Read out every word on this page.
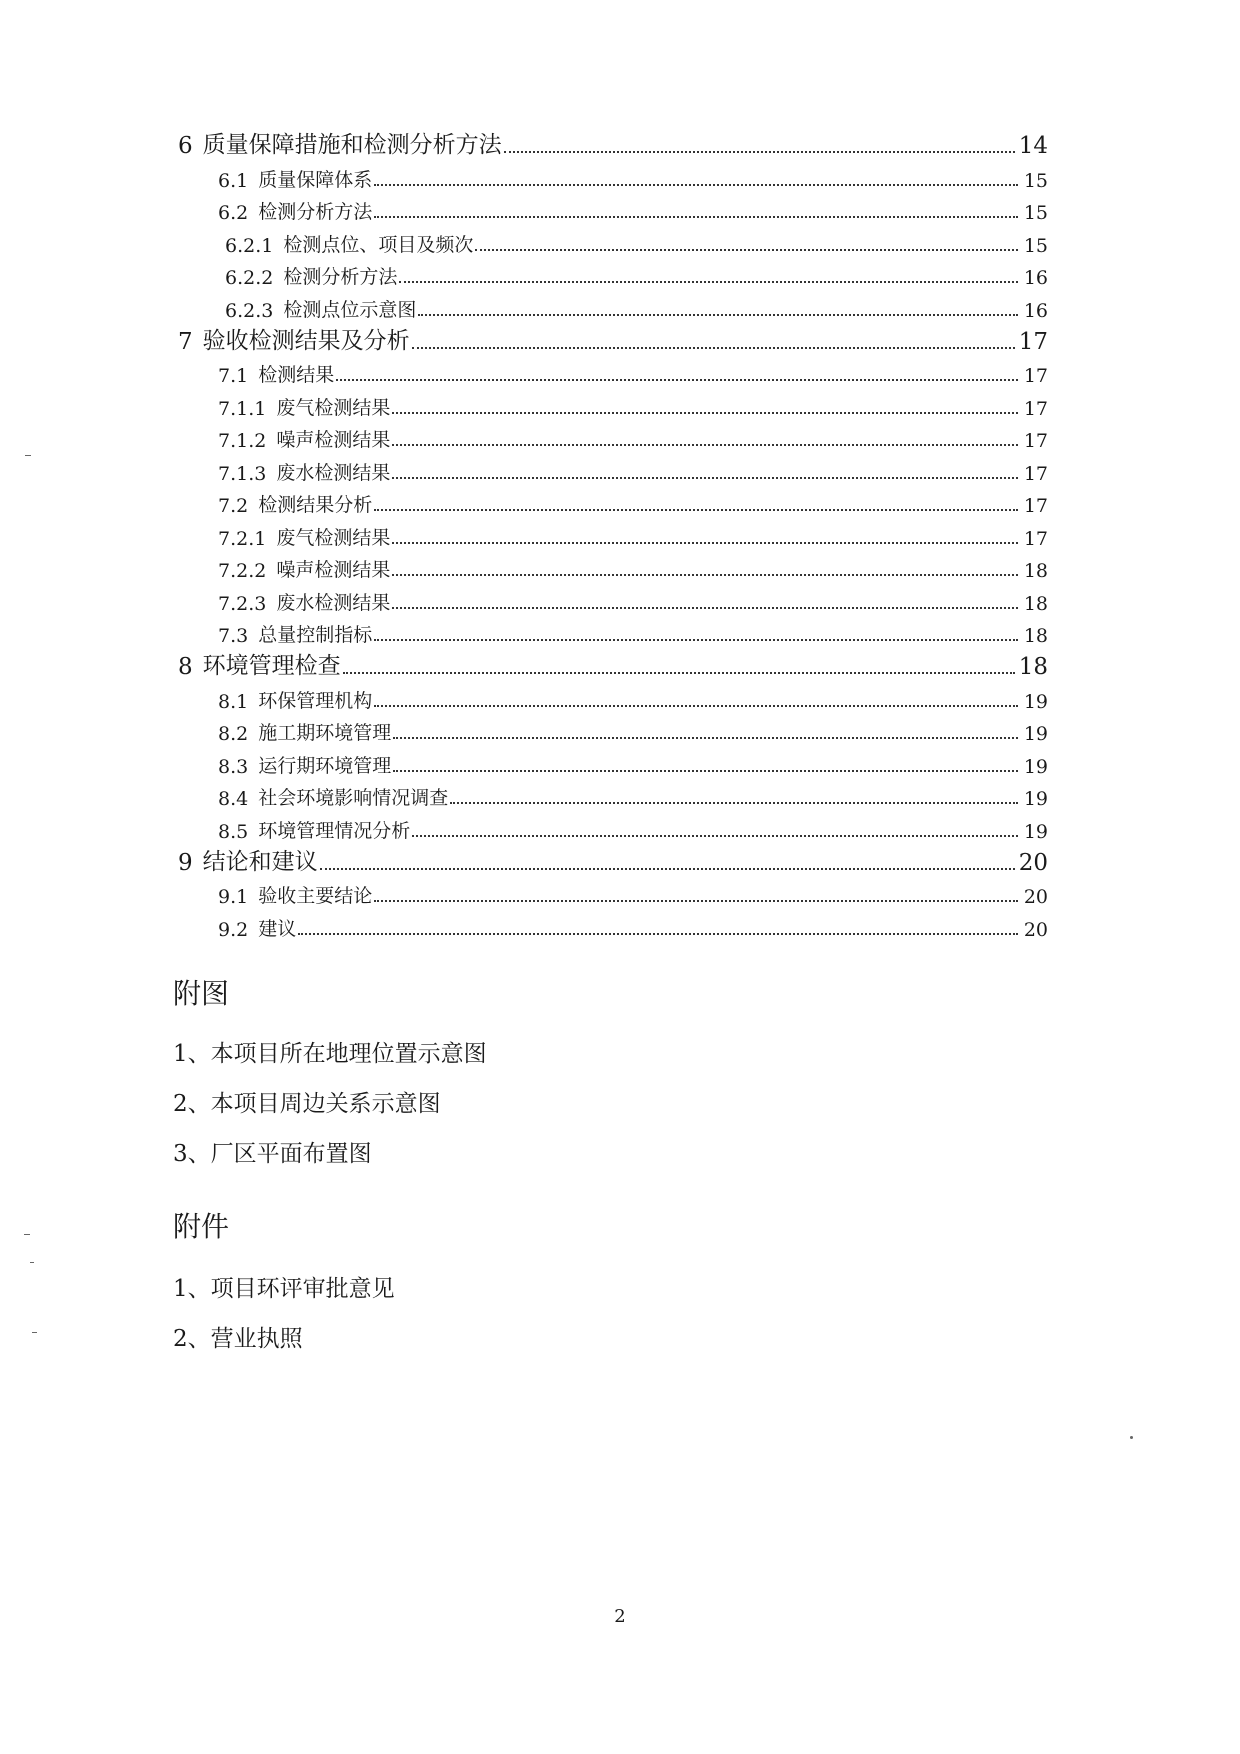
6 质量保障措施和检测分析方法	14
6.1 质量保障体系	15
6.2 检测分析方法	15
6.2.1 检测点位、项目及频次	15
6.2.2 检测分析方法	16
6.2.3 检测点位示意图	16
7 验收检测结果及分析	17
7.1 检测结果	17
7.1.1 废气检测结果	17
7.1.2 噪声检测结果	17
7.1.3 废水检测结果	17
7.2 检测结果分析	17
7.2.1 废气检测结果	17
7.2.2 噪声检测结果	18
7.2.3 废水检测结果	18
7.3 总量控制指标	18
8 环境管理检查	18
8.1 环保管理机构	19
8.2 施工期环境管理	19
8.3 运行期环境管理	19
8.4 社会环境影响情况调查	19
8.5 环境管理情况分析	19
9 结论和建议	20
9.1 验收主要结论	20
9.2 建议	20
附图
1、本项目所在地理位置示意图
2、本项目周边关系示意图
3、厂区平面布置图
附件
1、项目环评审批意见
2、营业执照
2
